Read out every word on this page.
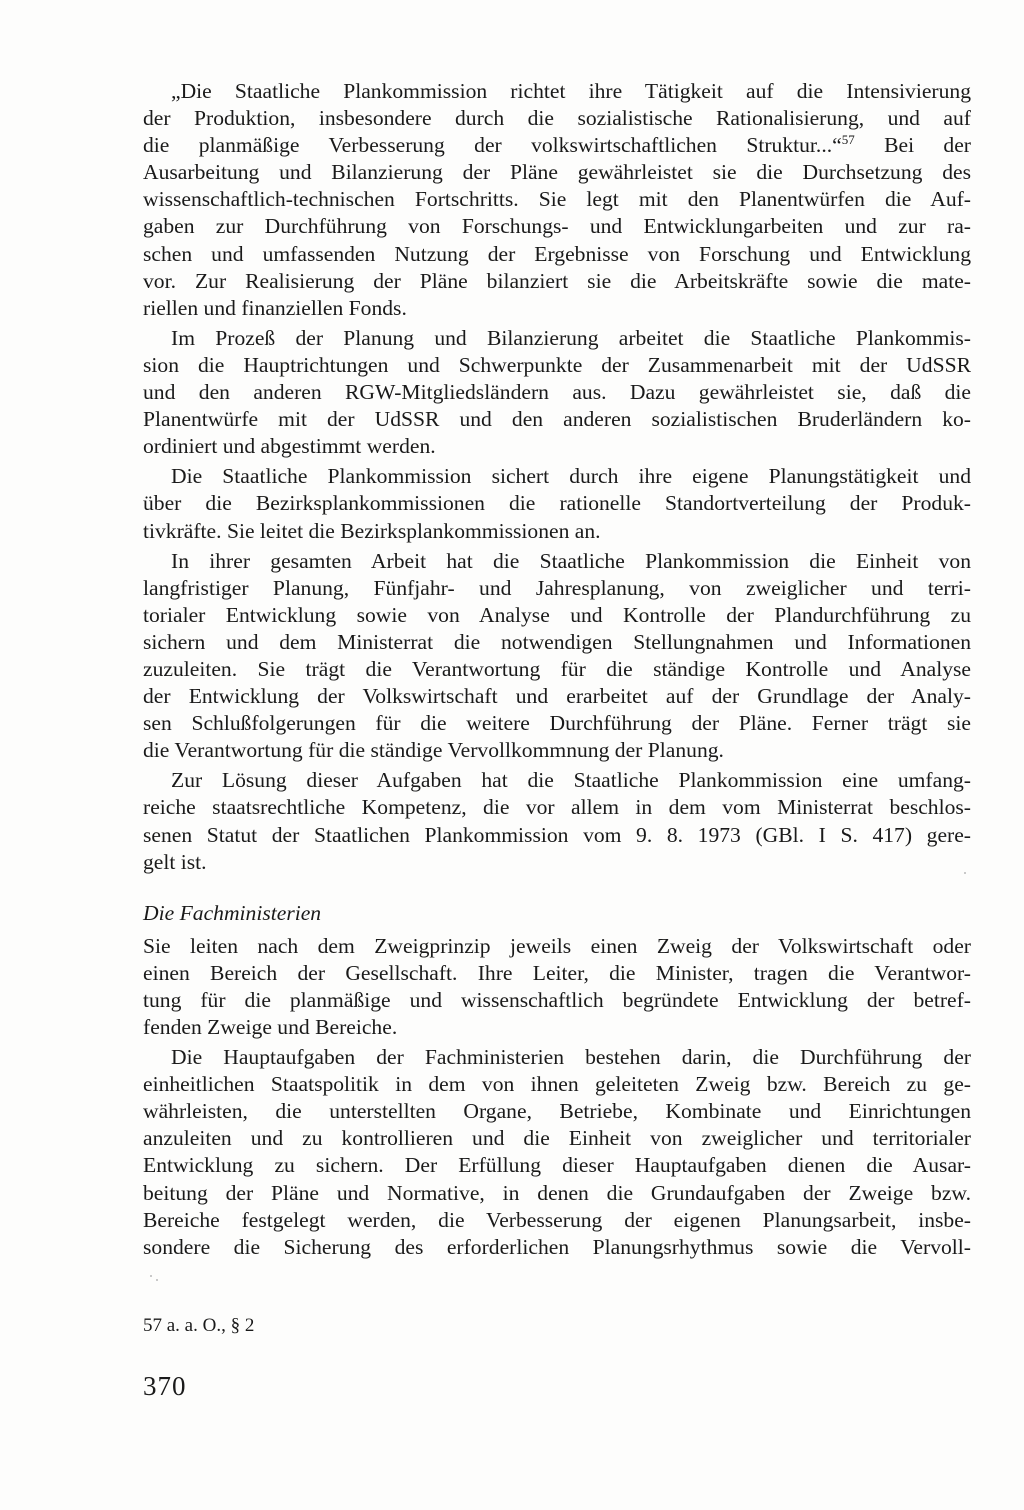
„Die Staatliche Plankommission richtet ihre Tätigkeit auf die Intensivierung
der Produktion, insbesondere durch die sozialistische Rationalisierung, und auf
die planmäßige Verbesserung der volkswirtschaftlichen Struktur...“$^{57}$ Bei der
Ausarbeitung und Bilanzierung der Pläne gewährleistet sie die Durchsetzung des
wissenschaftlich-technischen Fortschritts. Sie legt mit den Planentwürfen die Auf-
gaben zur Durchführung von Forschungs- und Entwicklungarbeiten und zur ra-
schen und umfassenden Nutzung der Ergebnisse von Forschung und Entwicklung
vor. Zur Realisierung der Pläne bilanziert sie die Arbeitskräfte sowie die mate-
riellen und finanziellen Fonds.

Im Prozeß der Planung und Bilanzierung arbeitet die Staatliche Plankommis-
sion die Hauptrichtungen und Schwerpunkte der Zusammenarbeit mit der UdSSR
und den anderen RGW-Mitgliedsländern aus. Dazu gewährleistet sie, daß die
Planentwürfe mit der UdSSR und den anderen sozialistischen Bruderländern ko-
ordiniert und abgestimmt werden.

Die Staatliche Plankommission sichert durch ihre eigene Planungstätigkeit und
über die Bezirksplankommissionen die rationelle Standortverteilung der Produk-
tivkräfte. Sie leitet die Bezirksplankommissionen an.

In ihrer gesamten Arbeit hat die Staatliche Plankommission die Einheit von
langfristiger Planung, Fünfjahr- und Jahresplanung, von zweiglicher und terri-
torialer Entwicklung sowie von Analyse und Kontrolle der Plandurchführung zu
sichern und dem Ministerrat die notwendigen Stellungnahmen und Informationen
zuzuleiten. Sie trägt die Verantwortung für die ständige Kontrolle und Analyse
der Entwicklung der Volkswirtschaft und erarbeitet auf der Grundlage der Analy-
sen Schlußfolgerungen für die weitere Durchführung der Pläne. Ferner trägt sie
die Verantwortung für die ständige Vervollkommnung der Planung.

Zur Lösung dieser Aufgaben hat die Staatliche Plankommission eine umfang-
reiche staatsrechtliche Kompetenz, die vor allem in dem vom Ministerrat beschlos-
senen Statut der Staatlichen Plankommission vom 9. 8. 1973 (GBl. I S. 417) gere-
gelt ist.

Die Fachministerien

Sie leiten nach dem Zweigprinzip jeweils einen Zweig der Volkswirtschaft oder
einen Bereich der Gesellschaft. Ihre Leiter, die Minister, tragen die Verantwor-
tung für die planmäßige und wissenschaftlich begründete Entwicklung der betref-
fenden Zweige und Bereiche.

Die Hauptaufgaben der Fachministerien bestehen darin, die Durchführung der
einheitlichen Staatspolitik in dem von ihnen geleiteten Zweig bzw. Bereich zu ge-
währleisten, die unterstellten Organe, Betriebe, Kombinate und Einrichtungen
anzuleiten und zu kontrollieren und die Einheit von zweiglicher und territorialer
Entwicklung zu sichern. Der Erfüllung dieser Hauptaufgaben dienen die Ausar-
beitung der Pläne und Normative, in denen die Grundaufgaben der Zweige bzw.
Bereiche festgelegt werden, die Verbesserung der eigenen Planungsarbeit, insbe-
sondere die Sicherung des erforderlichen Planungsrhythmus sowie die Vervoll-

57 a. a. O., § 2
370
